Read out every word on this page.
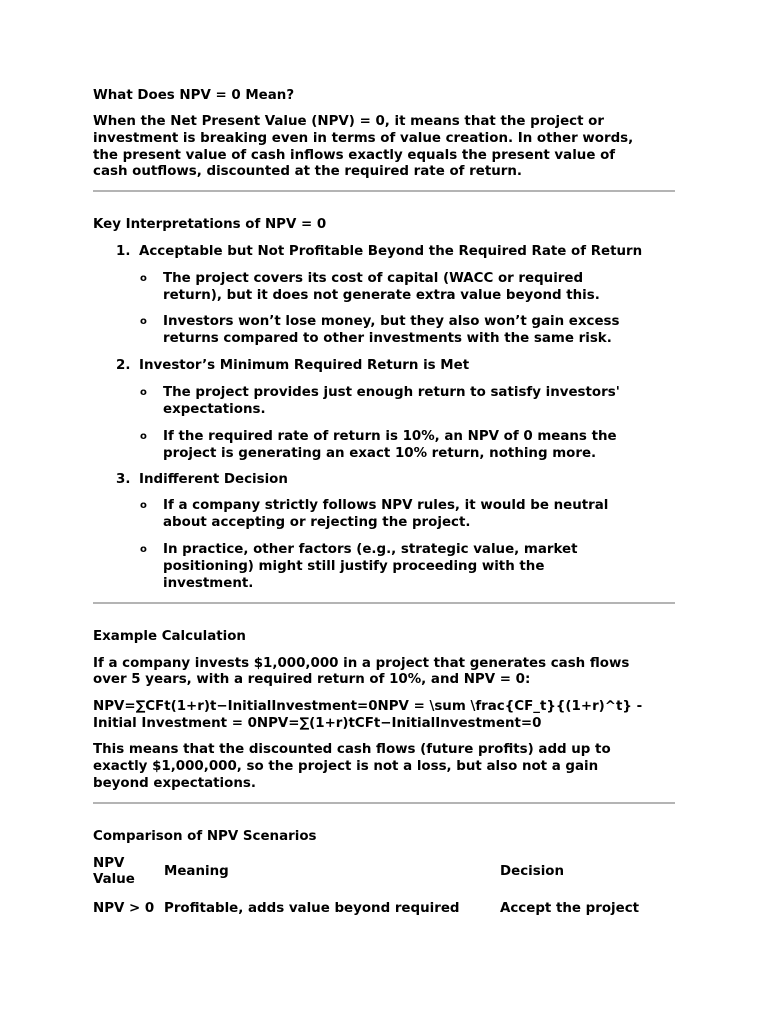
What Does NPV = 0 Mean?
When the Net Present Value (NPV) = 0, it means that the project or
investment is breaking even in terms of value creation. In other words,
the present value of cash inflows exactly equals the present value of
cash outflows, discounted at the required rate of return.
Key Interpretations of NPV = 0
1. Acceptable but Not Profitable Beyond the Required Rate of Return
o The project covers its cost of capital (WACC or required
return), but it does not generate extra value beyond this.
o Investors won’t lose money, but they also won’t gain excess
returns compared to other investments with the same risk.
2. Investor’s Minimum Required Return is Met
o The project provides just enough return to satisfy investors'
expectations.
o If the required rate of return is 10%, an NPV of 0 means the
project is generating an exact 10% return, nothing more.
3. Indifferent Decision
o If a company strictly follows NPV rules, it would be neutral
about accepting or rejecting the project.
o In practice, other factors (e.g., strategic value, market
positioning) might still justify proceeding with the
investment.
Example Calculation
If a company invests $1,000,000 in a project that generates cash flows
over 5 years, with a required return of 10%, and NPV = 0:
NPV=∑CFt(1+r)t−InitialInvestment=0NPV = \sum \frac{CF_t}{(1+r)^t} -
Initial Investment = 0NPV=∑(1+r)tCFt−InitialInvestment=0
This means that the discounted cash flows (future profits) add up to
exactly $1,000,000, so the project is not a loss, but also not a gain
beyond expectations.
Comparison of NPV Scenarios
NPV
Value	Meaning	Decision
NPV > 0	Profitable, adds value beyond required	Accept the project
